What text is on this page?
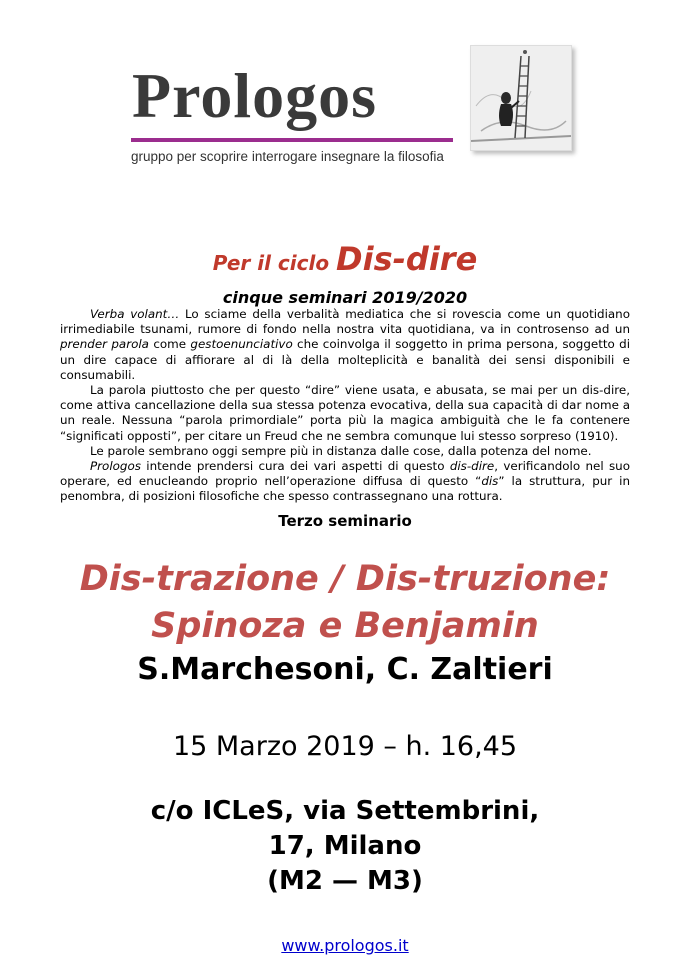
Prologos
gruppo per scoprire interrogare insegnare la filosofia
Per il ciclo Dis-dire
cinque seminari 2019/2020

Verba volant… Lo sciame della verbalità mediatica che si rovescia come un quotidiano irrimediabile tsunami, rumore di fondo nella nostra vita quotidiana, va in controsenso ad un prender parola come gestoenunciativo che coinvolga il soggetto in prima persona, soggetto di un dire capace di affiorare al di là della molteplicità e banalità dei sensi disponibili e consumabili.

La parola piuttosto che per questo “dire” viene usata, e abusata, se mai per un dis-dire, come attiva cancellazione della sua stessa potenza evocativa, della sua capacità di dar nome a un reale. Nessuna “parola primordiale” porta più la magica ambiguità che le fa contenere “significati opposti”, per citare un Freud che ne sembra comunque lui stesso sorpreso (1910).

Le parole sembrano oggi sempre più in distanza dalle cose, dalla potenza del nome.

Prologos intende prendersi cura dei vari aspetti di questo dis-dire, verificandolo nel suo operare, ed enucleando proprio nell’operazione diffusa di questo “dis” la struttura, pur in penombra, di posizioni filosofiche che spesso contrassegnano una rottura.

Terzo seminario
Dis-trazione / Dis-truzione:
Spinoza e Benjamin
S.Marchesoni, C. Zaltieri
15 Marzo 2019 – h. 16,45
c/o ICLeS, via Settembrini,
17, Milano
(M2 — M3)
www.prologos.it
